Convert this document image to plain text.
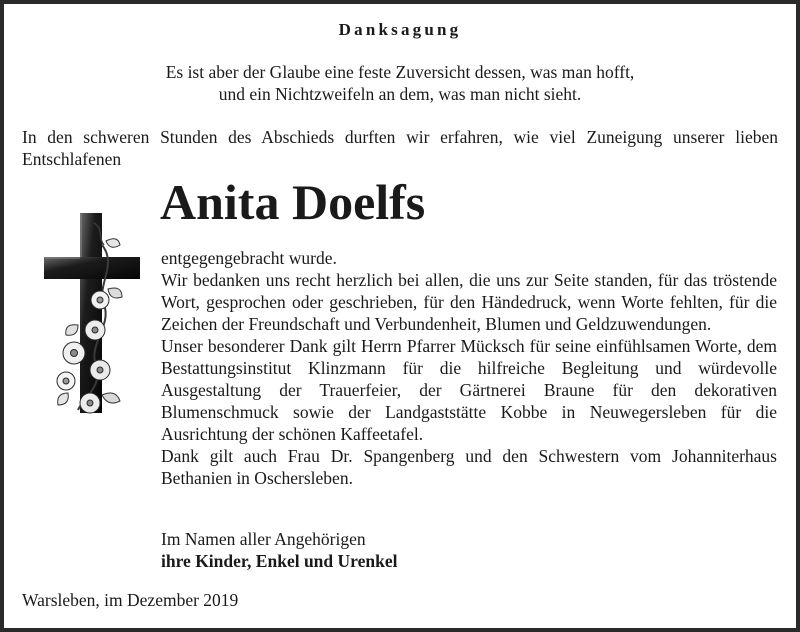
Danksagung
Es ist aber der Glaube eine feste Zuversicht dessen, was man hofft,
und ein Nichtzweifeln an dem, was man nicht sieht.
In den schweren Stunden des Abschieds durften wir erfahren, wie viel Zuneigung unserer lieben
Entschlafenen
Anita Doelfs

entgegengebracht wurde.

Wir bedanken uns recht herzlich bei allen, die uns zur Seite standen, für das tröstende Wort, gesprochen oder geschrieben, für den Händedruck, wenn Worte fehlten, für die Zeichen der Freundschaft und Verbundenheit, Blumen und Geldzuwendungen.

Unser besonderer Dank gilt Herrn Pfarrer Mücksch für seine einfühlsamen Worte, dem Bestattungsinstitut Klinzmann für die hilfreiche Begleitung und würdevolle Ausgestaltung der Trauerfeier, der Gärtnerei Braune für den dekorativen Blumenschmuck sowie der Landgaststätte Kobbe in Neuwegersleben für die Ausrichtung der schönen Kaffeetafel.

Dank gilt auch Frau Dr. Spangenberg und den Schwestern vom Johanniterhaus Bethanien in Oschersleben.

Im Namen aller Angehörigen
ihre Kinder, Enkel und Urenkel
Warsleben, im Dezember 2019
